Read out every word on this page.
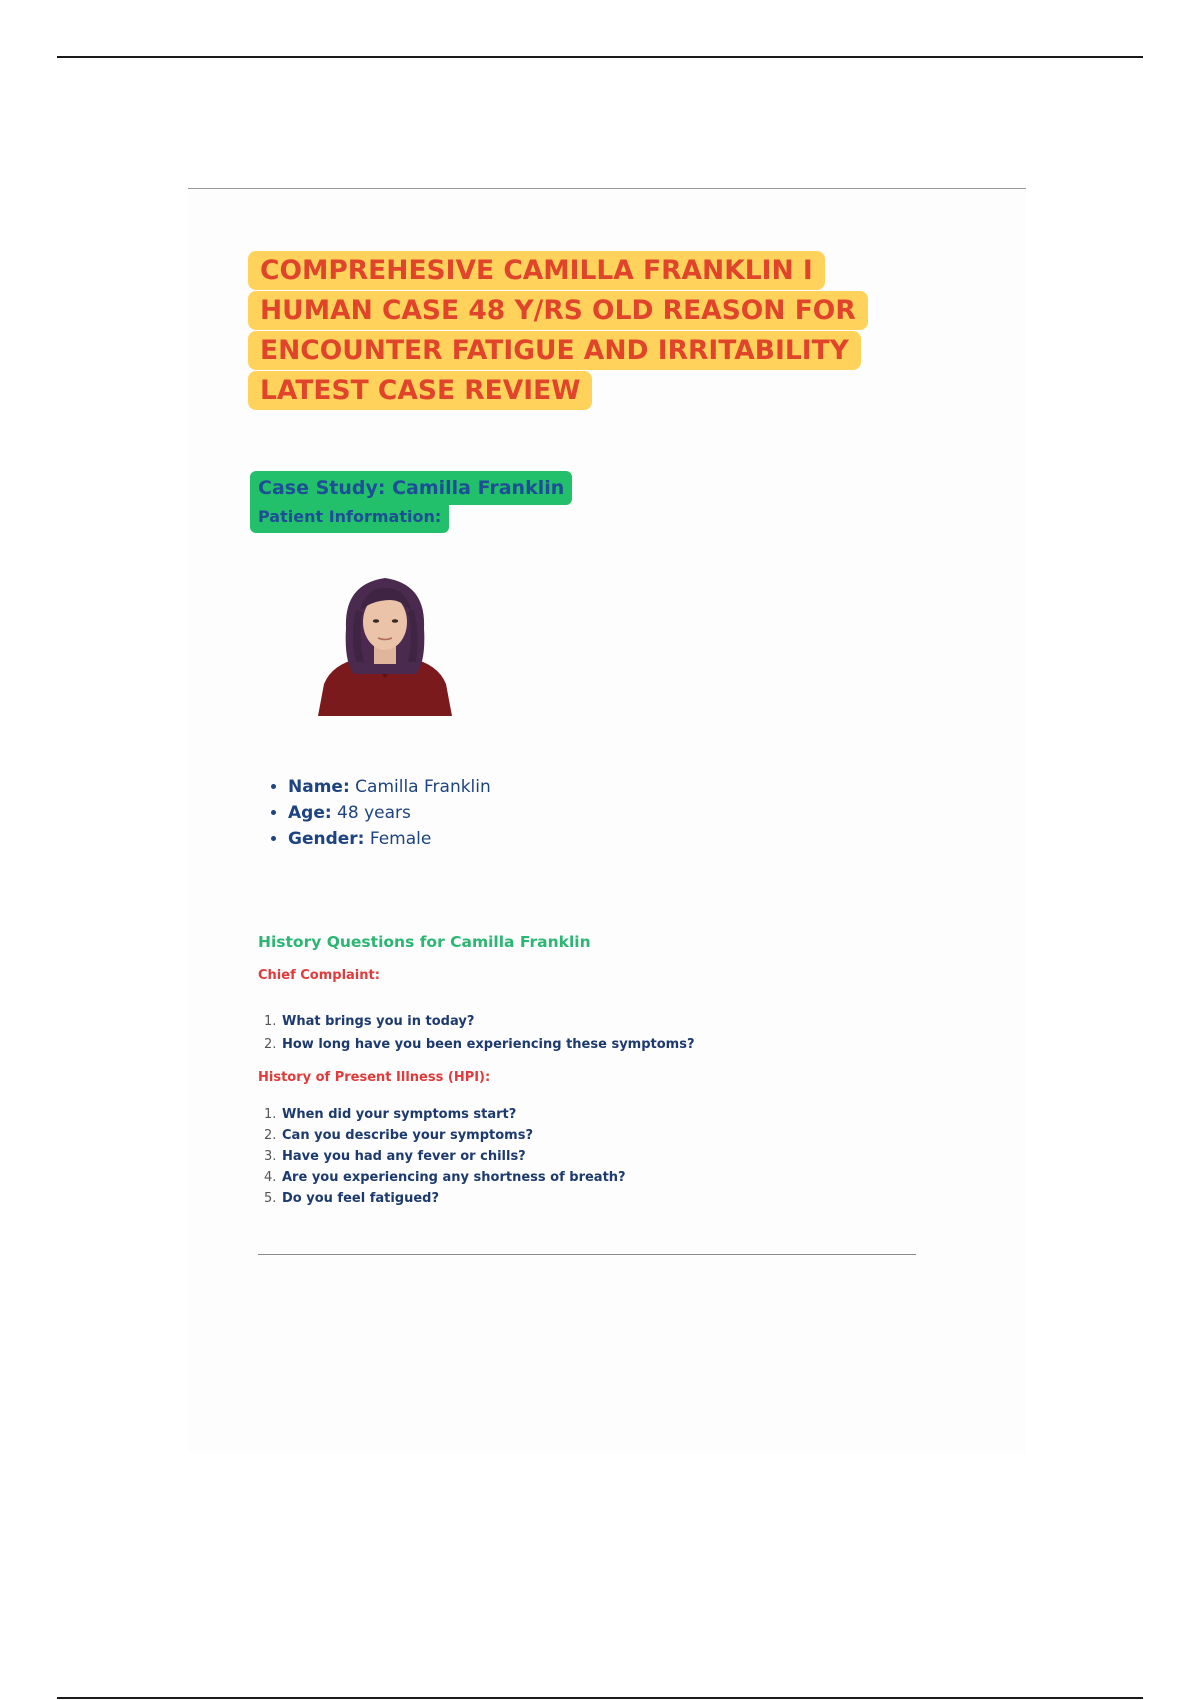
COMPREHESIVE CAMILLA FRANKLIN I HUMAN CASE 48 Y/RS OLD REASON FOR ENCOUNTER FATIGUE AND IRRITABILITY LATEST CASE REVIEW
Case Study: Camilla Franklin
Patient Information:
• Name: Camilla Franklin
• Age: 48 years
• Gender: Female
History Questions for Camilla Franklin
Chief Complaint:
1. What brings you in today?
2. How long have you been experiencing these symptoms?
History of Present Illness (HPI):
1. When did your symptoms start?
2. Can you describe your symptoms?
3. Have you had any fever or chills?
4. Are you experiencing any shortness of breath?
5. Do you feel fatigued?
